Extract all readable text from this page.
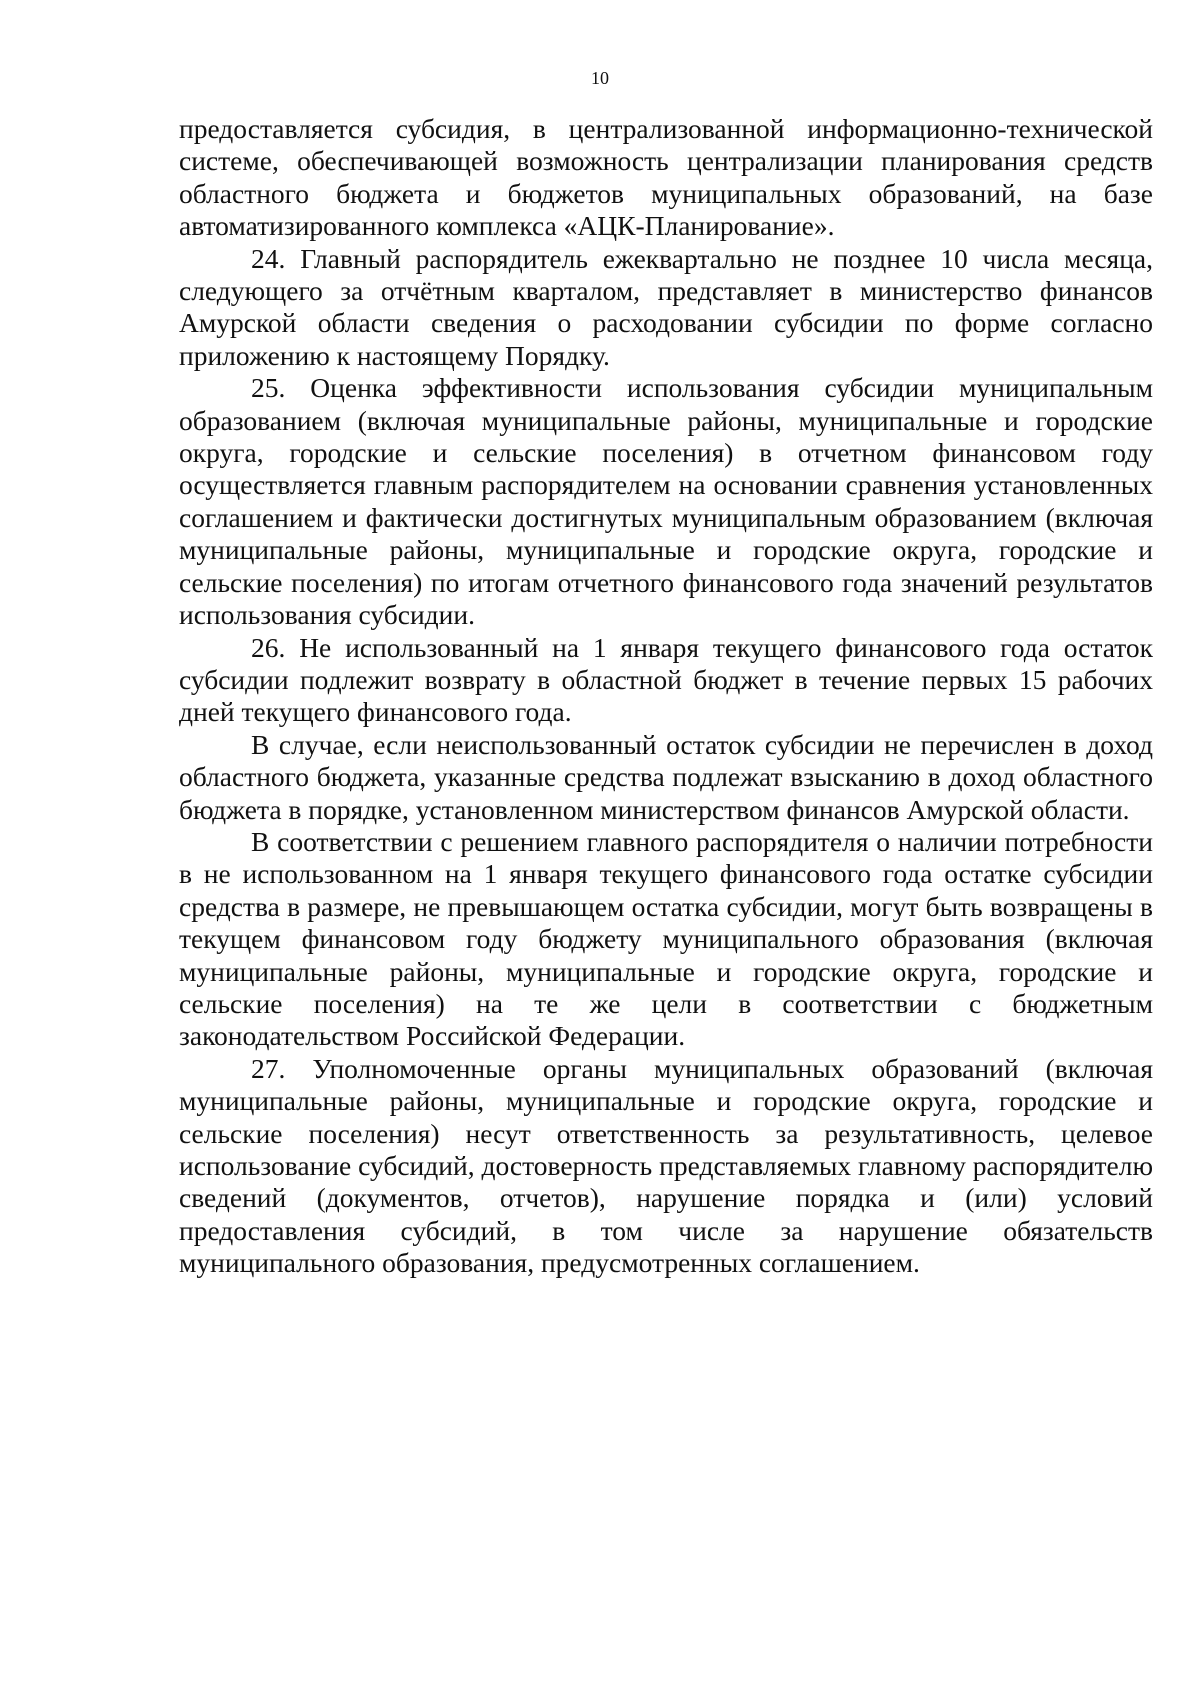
10

предоставляется субсидия, в централизованной информационно-технической системе, обеспечивающей возможность централизации планирования средств областного бюджета и бюджетов муниципальных образований, на базе автоматизированного комплекса «АЦК-Планирование».

24. Главный распорядитель ежеквартально не позднее 10 числа месяца, следующего за отчётным кварталом, представляет в министерство финансов Амурской области сведения о расходовании субсидии по форме согласно приложению к настоящему Порядку.

25. Оценка эффективности использования субсидии муниципальным образованием (включая муниципальные районы, муниципальные и городские округа, городские и сельские поселения) в отчетном финансовом году осуществляется главным распорядителем на основании сравнения установленных соглашением и фактически достигнутых муниципальным образованием (включая муниципальные районы, муниципальные и городские округа, городские и сельские поселения) по итогам отчетного финансового года значений результатов использования субсидии.

26. Не использованный на 1 января текущего финансового года остаток субсидии подлежит возврату в областной бюджет в течение первых 15 рабочих дней текущего финансового года.

В случае, если неиспользованный остаток субсидии не перечислен в доход областного бюджета, указанные средства подлежат взысканию в доход областного бюджета в порядке, установленном министерством финансов Амурской области.

В соответствии с решением главного распорядителя о наличии потребности в не использованном на 1 января текущего финансового года остатке субсидии средства в размере, не превышающем остатка субсидии, могут быть возвращены в текущем финансовом году бюджету муниципального образования (включая муниципальные районы, муниципальные и городские округа, городские и сельские поселения) на те же цели в соответствии с бюджетным законодательством Российской Федерации.

27. Уполномоченные органы муниципальных образований (включая муниципальные районы, муниципальные и городские округа, городские и сельские поселения) несут ответственность за результативность, целевое использование субсидий, достоверность представляемых главному распорядителю сведений (документов, отчетов), нарушение порядка и (или) условий предоставления субсидий, в том числе за нарушение обязательств муниципального образования, предусмотренных соглашением.
